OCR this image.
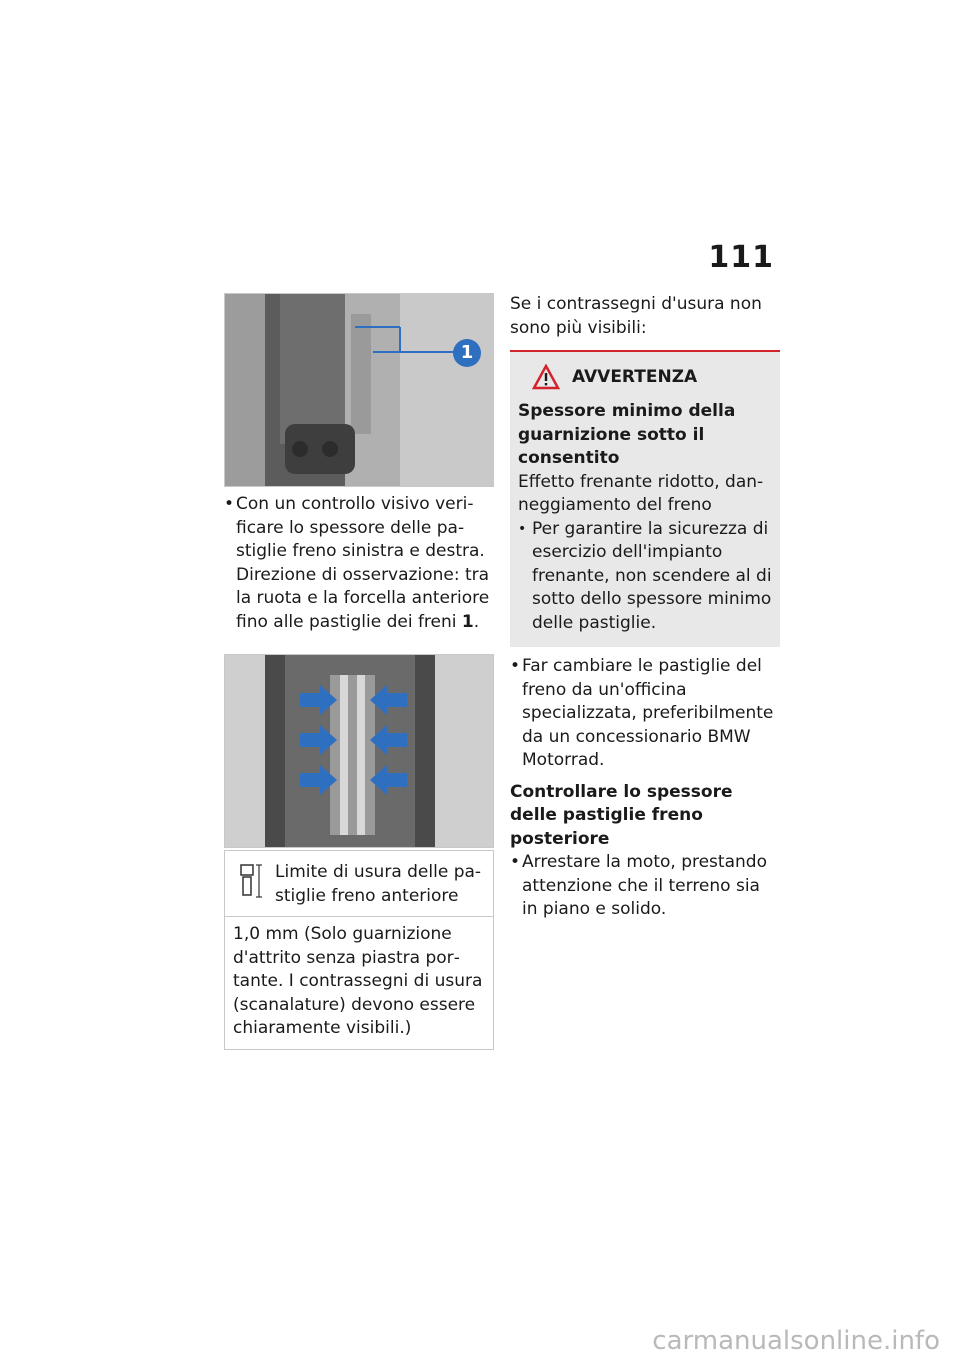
111
1
• Con un controllo visivo verificare lo spessore delle pastiglie freno sinistra e destra. Direzione di osservazione: tra la ruota e la forcella anteriore fino alle pastiglie dei freni 1.
Limite di usura delle pastiglie freno anteriore
1,0 mm (Solo guarnizione d'attrito senza piastra portante. I contrassegni di usura (scanalature) devono essere chiaramente visibili.)

Se i contrassegni d'usura non sono più visibili:

AVVERTENZA
Spessore minimo della guarnizione sotto il consentito
Effetto frenante ridotto, danneggiamento del freno
• Per garantire la sicurezza di esercizio dell'impianto frenante, non scendere al di sotto dello spessore minimo delle pastiglie.
• Far cambiare le pastiglie del freno da un'officina specializzata, preferibilmente da un concessionario BMW Motorrad.
Controllare lo spessore delle pastiglie freno posteriore
• Arrestare la moto, prestando attenzione che il terreno sia in piano e solido.
carmanualsonline.info
